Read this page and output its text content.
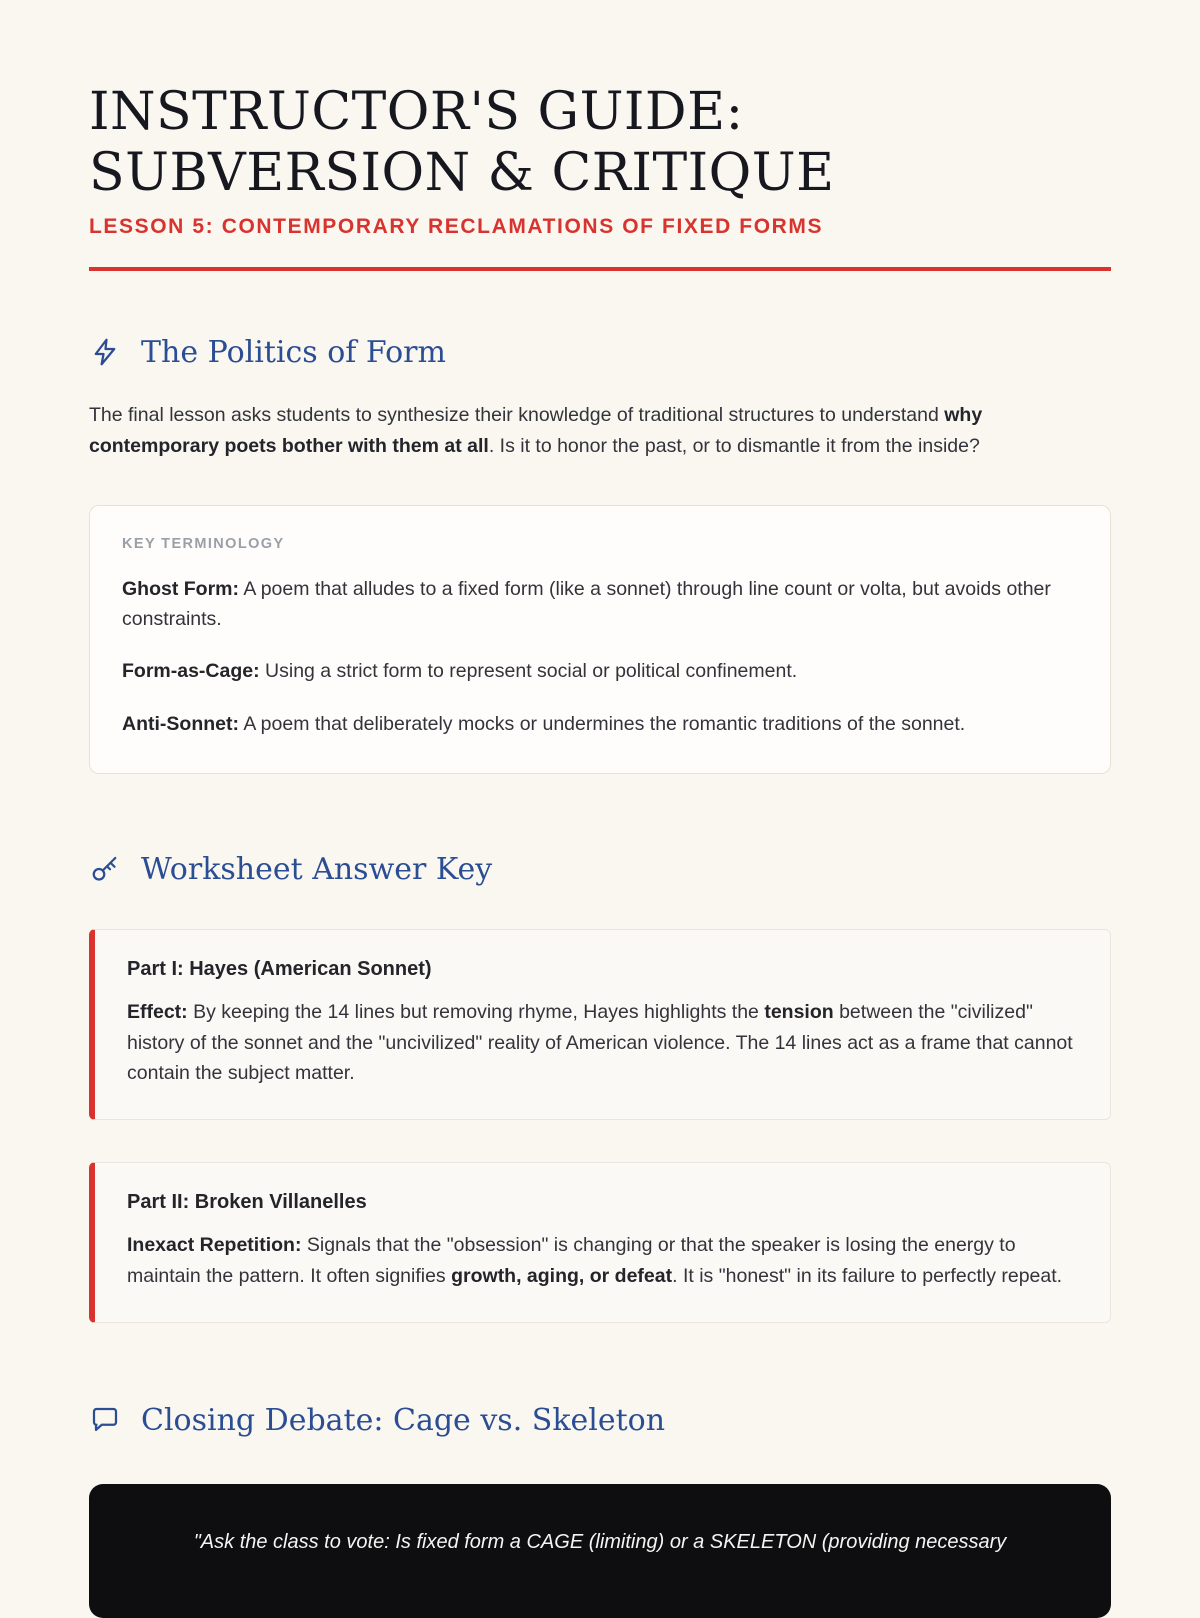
INSTRUCTOR'S GUIDE: SUBVERSION & CRITIQUE
LESSON 5: CONTEMPORARY RECLAMATIONS OF FIXED FORMS
The Politics of Form

The final lesson asks students to synthesize their knowledge of traditional structures to understand why contemporary poets bother with them at all. Is it to honor the past, or to dismantle it from the inside?

KEY TERMINOLOGY

Ghost Form: A poem that alludes to a fixed form (like a sonnet) through line count or volta, but avoids other constraints.

Form-as-Cage: Using a strict form to represent social or political confinement.

Anti-Sonnet: A poem that deliberately mocks or undermines the romantic traditions of the sonnet.

Worksheet Answer Key
Part I: Hayes (American Sonnet)

Effect: By keeping the 14 lines but removing rhyme, Hayes highlights the tension between the "civilized" history of the sonnet and the "uncivilized" reality of American violence. The 14 lines act as a frame that cannot contain the subject matter.

Part II: Broken Villanelles

Inexact Repetition: Signals that the "obsession" is changing or that the speaker is losing the energy to maintain the pattern. It often signifies growth, aging, or defeat. It is "honest" in its failure to perfectly repeat.

Closing Debate: Cage vs. Skeleton

"Ask the class to vote: Is fixed form a CAGE (limiting) or a SKELETON (providing necessary
